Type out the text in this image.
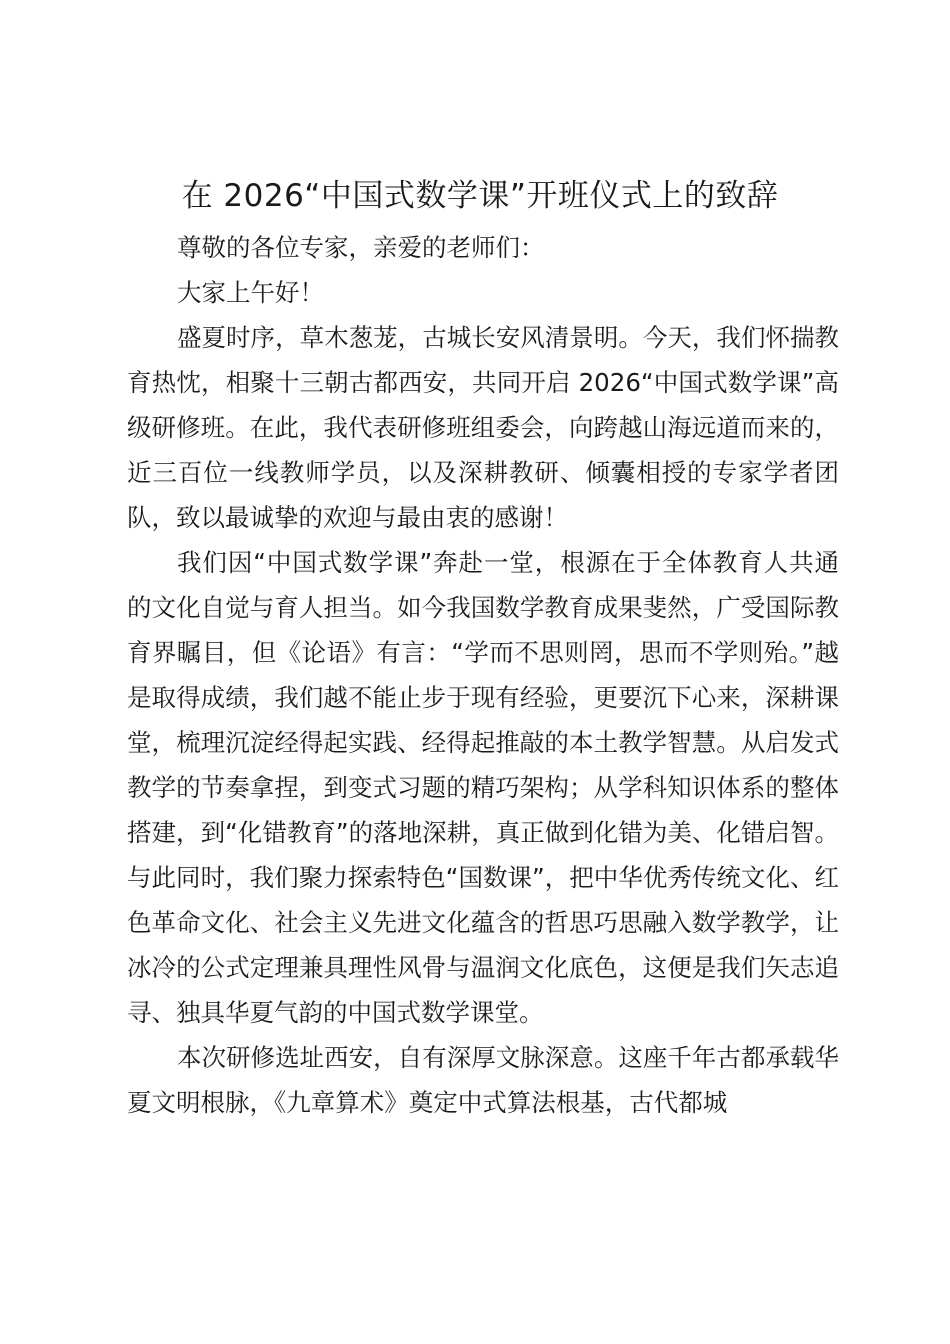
在 2026“中国式数学课”开班仪式上的致辞

尊敬的各位专家，亲爱的老师们：

大家上午好！

盛夏时序，草木葱茏，古城长安风清景明。今天，我们怀揣教育热忱，相聚十三朝古都西安，共同开启 2026“中国式数学课”高级研修班。在此，我代表研修班组委会，向跨越山海远道而来的，近三百位一线教师学员，以及深耕教研、倾囊相授的专家学者团队，致以最诚挚的欢迎与最由衷的感谢！

我们因“中国式数学课”奔赴一堂，根源在于全体教育人共通的文化自觉与育人担当。如今我国数学教育成果斐然，广受国际教育界瞩目，但《论语》有言：“学而不思则罔，思而不学则殆。”越是取得成绩，我们越不能止步于现有经验，更要沉下心来，深耕课堂，梳理沉淀经得起实践、经得起推敲的本土教学智慧。从启发式教学的节奏拿捏，到变式习题的精巧架构；从学科知识体系的整体搭建，到“化错教育”的落地深耕，真正做到化错为美、化错启智。与此同时，我们聚力探索特色“国数课”，把中华优秀传统文化、红色革命文化、社会主义先进文化蕴含的哲思巧思融入数学教学，让冰冷的公式定理兼具理性风骨与温润文化底色，这便是我们矢志追寻、独具华夏气韵的中国式数学课堂。

本次研修选址西安，自有深厚文脉深意。这座千年古都承载华夏文明根脉，《九章算术》奠定中式算法根基，古代都城
